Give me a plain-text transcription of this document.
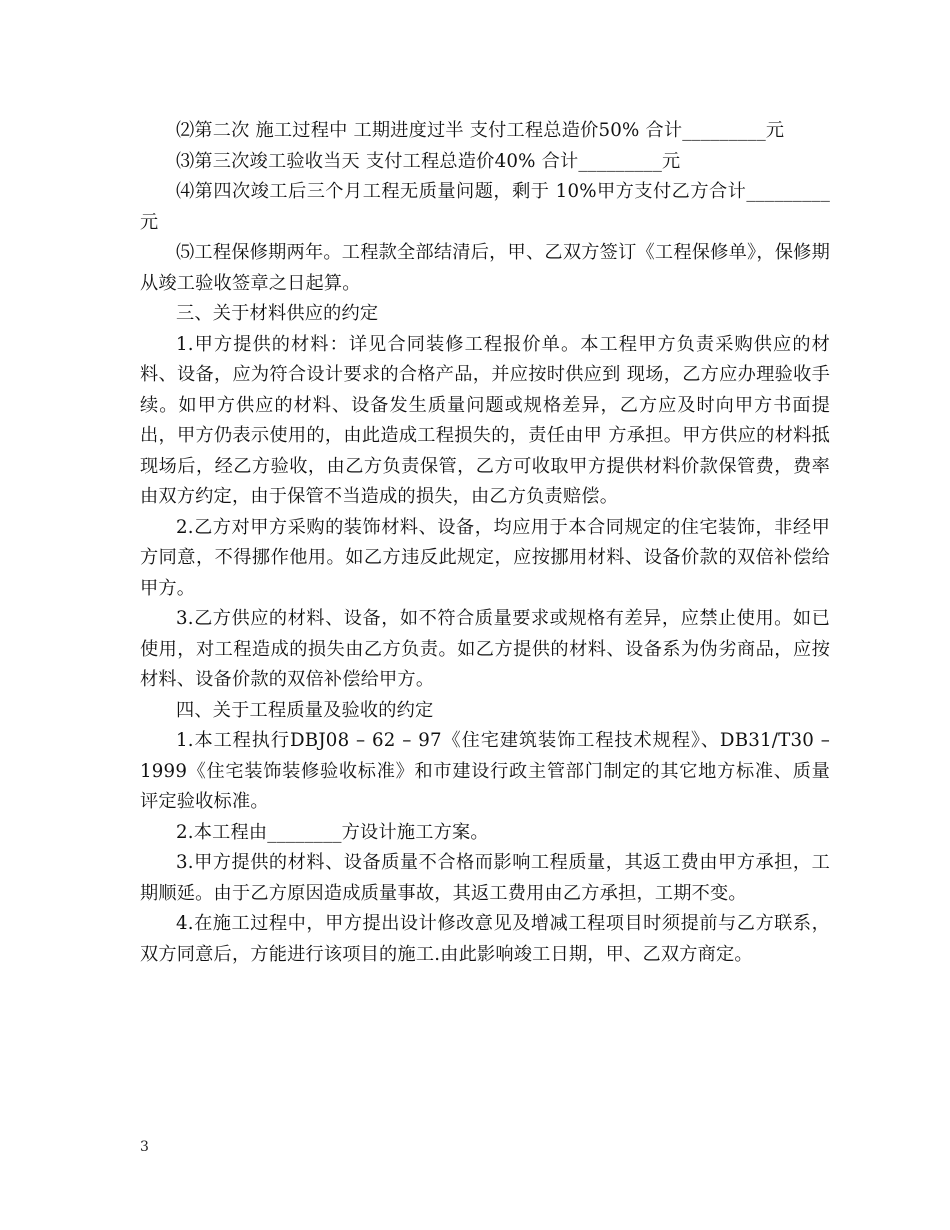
⑵第二次 施工过程中 工期进度过半 支付工程总造价50% 合计_________元

⑶第三次竣工验收当天 支付工程总造价40% 合计_________元

⑷第四次竣工后三个月工程无质量问题，剩于 10%甲方支付乙方合计_________元

⑸工程保修期两年。工程款全部结清后，甲、乙双方签订《工程保修单》，保修期从竣工验收签章之日起算。

三、关于材料供应的约定

1.甲方提供的材料：详见合同装修工程报价单。本工程甲方负责采购供应的材料、设备，应为符合设计要求的合格产品，并应按时供应到 现场，乙方应办理验收手续。如甲方供应的材料、设备发生质量问题或规格差异，乙方应及时向甲方书面提出，甲方仍表示使用的，由此造成工程损失的，责任由甲 方承担。甲方供应的材料抵现场后，经乙方验收，由乙方负责保管，乙方可收取甲方提供材料价款保管费，费率由双方约定，由于保管不当造成的损失，由乙方负责赔偿。

2.乙方对甲方采购的装饰材料、设备，均应用于本合同规定的住宅装饰，非经甲方同意，不得挪作他用。如乙方违反此规定，应按挪用材料、设备价款的双倍补偿给甲方。

3.乙方供应的材料、设备，如不符合质量要求或规格有差异，应禁止使用。如已使用，对工程造成的损失由乙方负责。如乙方提供的材料、设备系为伪劣商品，应按材料、设备价款的双倍补偿给甲方。

四、关于工程质量及验收的约定

1.本工程执行DBJ08 – 62 – 97《住宅建筑装饰工程技术规程》、DB31/T30 –1999《住宅装饰装修验收标准》和市建设行政主管部门制定的其它地方标准、质量评定验收标准。

2.本工程由________方设计施工方案。

3.甲方提供的材料、设备质量不合格而影响工程质量，其返工费由甲方承担，工期顺延。由于乙方原因造成质量事故，其返工费用由乙方承担，工期不变。

4.在施工过程中，甲方提出设计修改意见及增减工程项目时须提前与乙方联系，双方同意后，方能进行该项目的施工.由此影响竣工日期，甲、乙双方商定。

3
